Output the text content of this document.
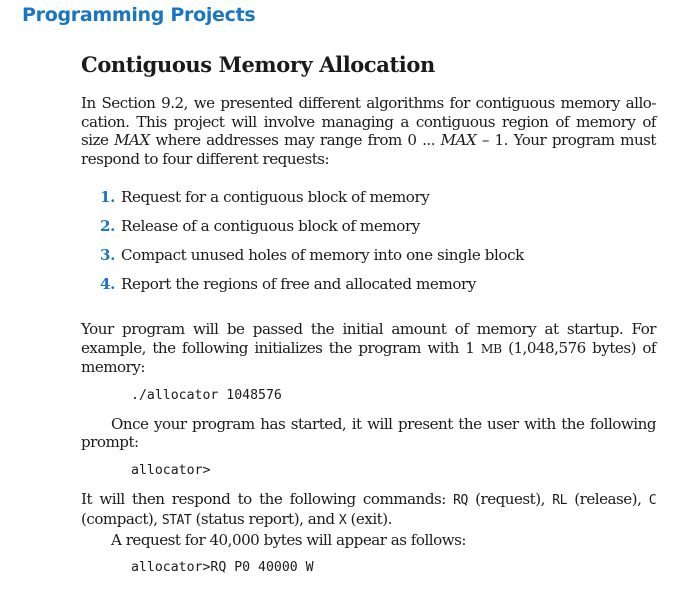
Programming Projects
Contiguous Memory Allocation

In Section 9.2, we presented different algorithms for contiguous memory allo-cation. This project will involve managing a contiguous region of memory of size MAX where addresses may range from 0 ... MAX – 1. Your program must respond to four different requests:

1. Request for a contiguous block of memory
2. Release of a contiguous block of memory
3. Compact unused holes of memory into one single block
4. Report the regions of free and allocated memory

Your program will be passed the initial amount of memory at startup. For example, the following initializes the program with 1 MB (1,048,576 bytes) of memory:

./allocator 1048576

Once your program has started, it will present the user with the following prompt:

allocator>

It will then respond to the following commands: RQ (request), RL (release), C (compact), STAT (status report), and X (exit).

A request for 40,000 bytes will appear as follows:

allocator>RQ P0 40000 W
